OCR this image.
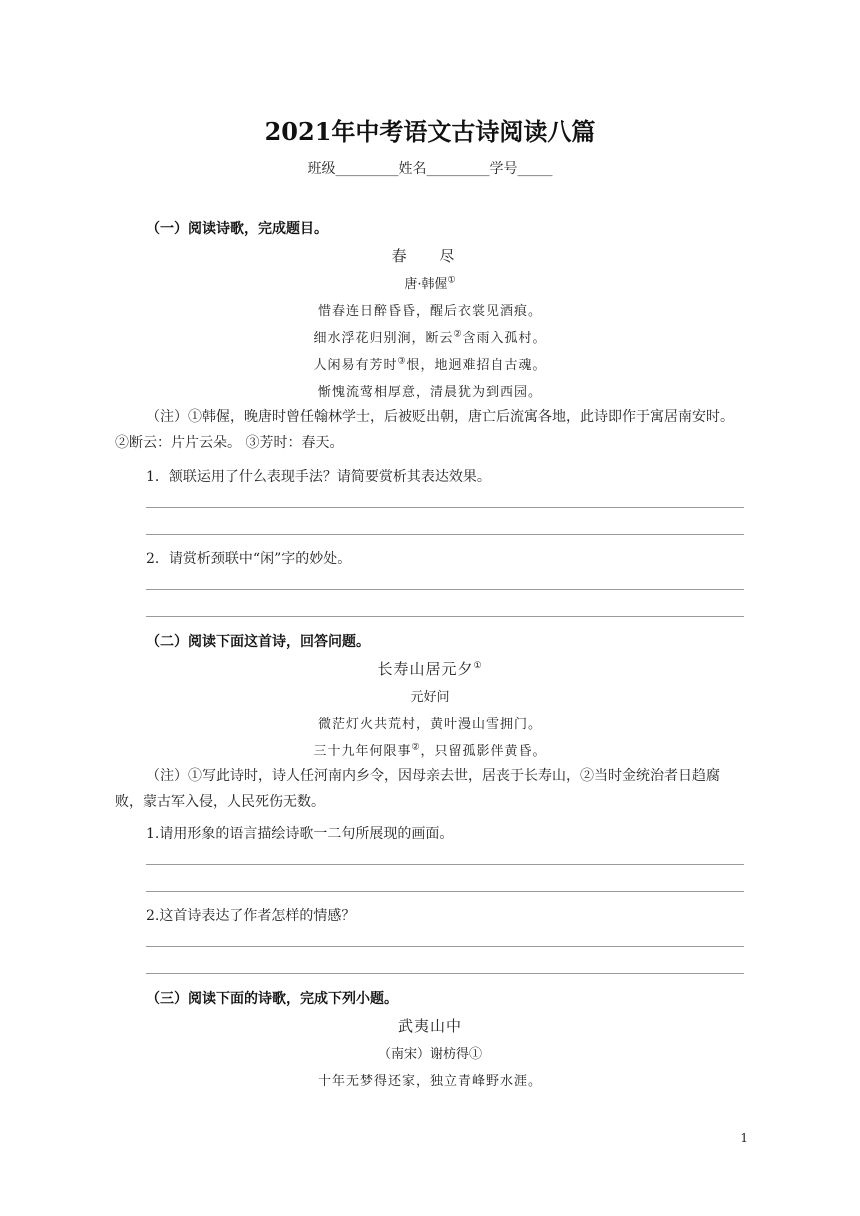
2021年中考语文古诗阅读八篇
班级_________姓名_________学号_____
（一）阅读诗歌，完成题目。
春 尽
唐·韩偓①
惜春连日醉昏昏，醒后衣裳见酒痕。
细水浮花归别涧，断云②含雨入孤村。
人闲易有芳时③恨，地迥难招自古魂。
惭愧流莺相厚意，清晨犹为到西园。
（注）①韩偓，晚唐时曾任翰林学士，后被贬出朝，唐亡后流寓各地，此诗即作于寓居南安时。 ②断云：片片云朵。 ③芳时：春天。
1．颔联运用了什么表现手法？请简要赏析其表达效果。
2．请赏析颈联中“闲”字的妙处。
（二）阅读下面这首诗，回答问题。
长寿山居元夕①
元好问
微茫灯火共荒村，黄叶漫山雪拥门。
三十九年何限事②，只留孤影伴黄昏。
（注）①写此诗时，诗人任河南内乡令，因母亲去世，居丧于长寿山，②当时金统治者日趋腐败，蒙古军入侵，人民死伤无数。
1.请用形象的语言描绘诗歌一二句所展现的画面。
2.这首诗表达了作者怎样的情感？
（三）阅读下面的诗歌，完成下列小题。
武夷山中
（南宋）谢枋得①
十年无梦得还家，独立青峰野水涯。
1
